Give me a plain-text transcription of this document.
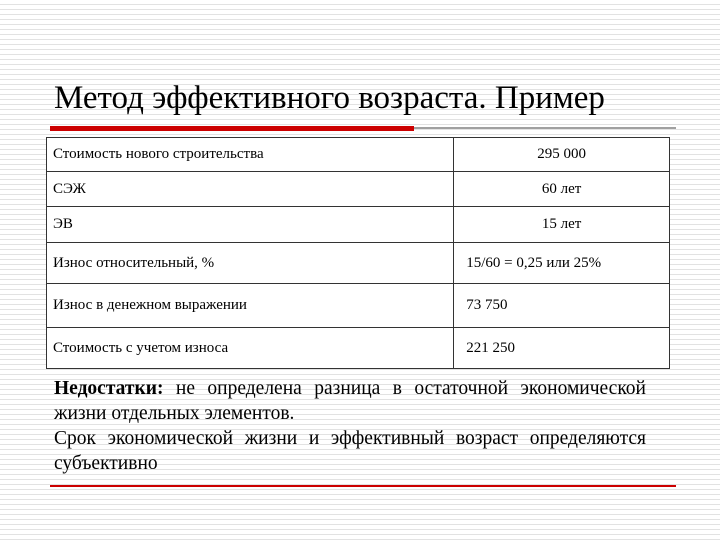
Метод эффективного возраста. Пример
Стоимость нового строительства	295 000
СЭЖ	60 лет
ЭВ	15 лет
Износ относительный, %	15/60 = 0,25 или 25%
Износ в денежном выражении	73 750
Стоимость с учетом износа	221 250

Недостатки: не определена разница в остаточной экономической жизни отдельных элементов.

Срок экономической жизни и эффективный возраст определяются субъективно
